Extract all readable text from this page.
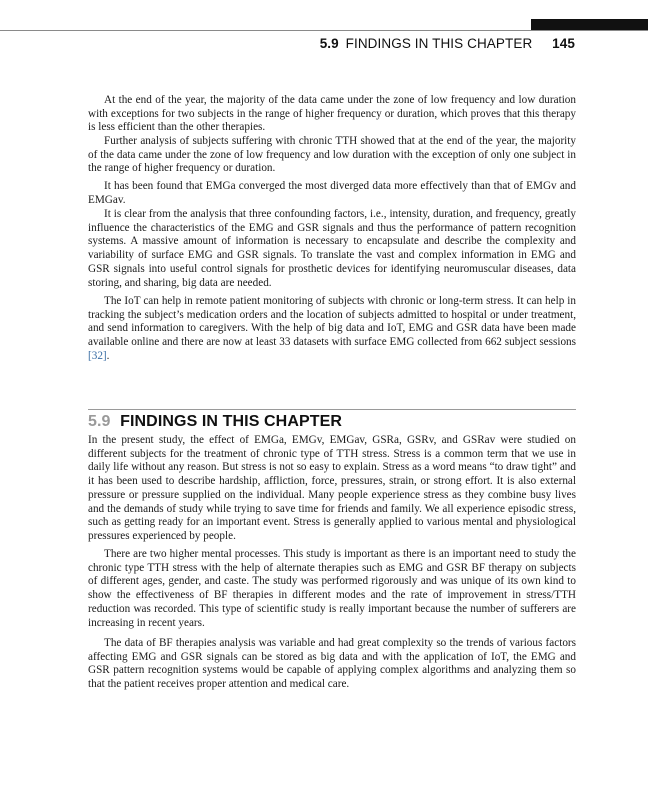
5.9 FINDINGS IN THIS CHAPTER 145

At the end of the year, the majority of the data came under the zone of low frequency and low duration with exceptions for two subjects in the range of higher frequency or duration, which proves that this therapy is less efficient than the other therapies.

Further analysis of subjects suffering with chronic TTH showed that at the end of the year, the majority of the data came under the zone of low frequency and low duration with the exception of only one subject in the range of higher frequency or duration.

It has been found that EMGa converged the most diverged data more effectively than that of EMGv and EMGav.

It is clear from the analysis that three confounding factors, i.e., intensity, duration, and frequency, greatly influence the characteristics of the EMG and GSR signals and thus the performance of pattern recognition systems. A massive amount of information is necessary to encapsulate and describe the complexity and variability of surface EMG and GSR signals. To translate the vast and complex information in EMG and GSR signals into useful control signals for prosthetic devices for identifying neuromuscular diseases, data storing, and sharing, big data are needed.

The IoT can help in remote patient monitoring of subjects with chronic or long-term stress. It can help in tracking the subject’s medication orders and the location of subjects admitted to hospital or under treatment, and send information to caregivers. With the help of big data and IoT, EMG and GSR data have been made available online and there are now at least 33 datasets with surface EMG collected from 662 subject sessions [32].

5.9 FINDINGS IN THIS CHAPTER

In the present study, the effect of EMGa, EMGv, EMGav, GSRa, GSRv, and GSRav were studied on different subjects for the treatment of chronic type of TTH stress. Stress is a common term that we use in daily life without any reason. But stress is not so easy to explain. Stress as a word means “to draw tight” and it has been used to describe hardship, affliction, force, pressures, strain, or strong effort. It is also external pressure or pressure supplied on the individual. Many people experience stress as they combine busy lives and the demands of study while trying to save time for friends and family. We all experience episodic stress, such as getting ready for an important event. Stress is generally applied to various mental and physiological pressures experienced by people.

There are two higher mental processes. This study is important as there is an important need to study the chronic type TTH stress with the help of alternate therapies such as EMG and GSR BF therapy on subjects of different ages, gender, and caste. The study was performed rigorously and was unique of its own kind to show the effectiveness of BF therapies in different modes and the rate of improvement in stress/TTH reduction was recorded. This type of scientific study is really important because the number of sufferers are increasing in recent years.

The data of BF therapies analysis was variable and had great complexity so the trends of various factors affecting EMG and GSR signals can be stored as big data and with the application of IoT, the EMG and GSR pattern recognition systems would be capable of applying complex algorithms and analyzing them so that the patient receives proper attention and medical care.
